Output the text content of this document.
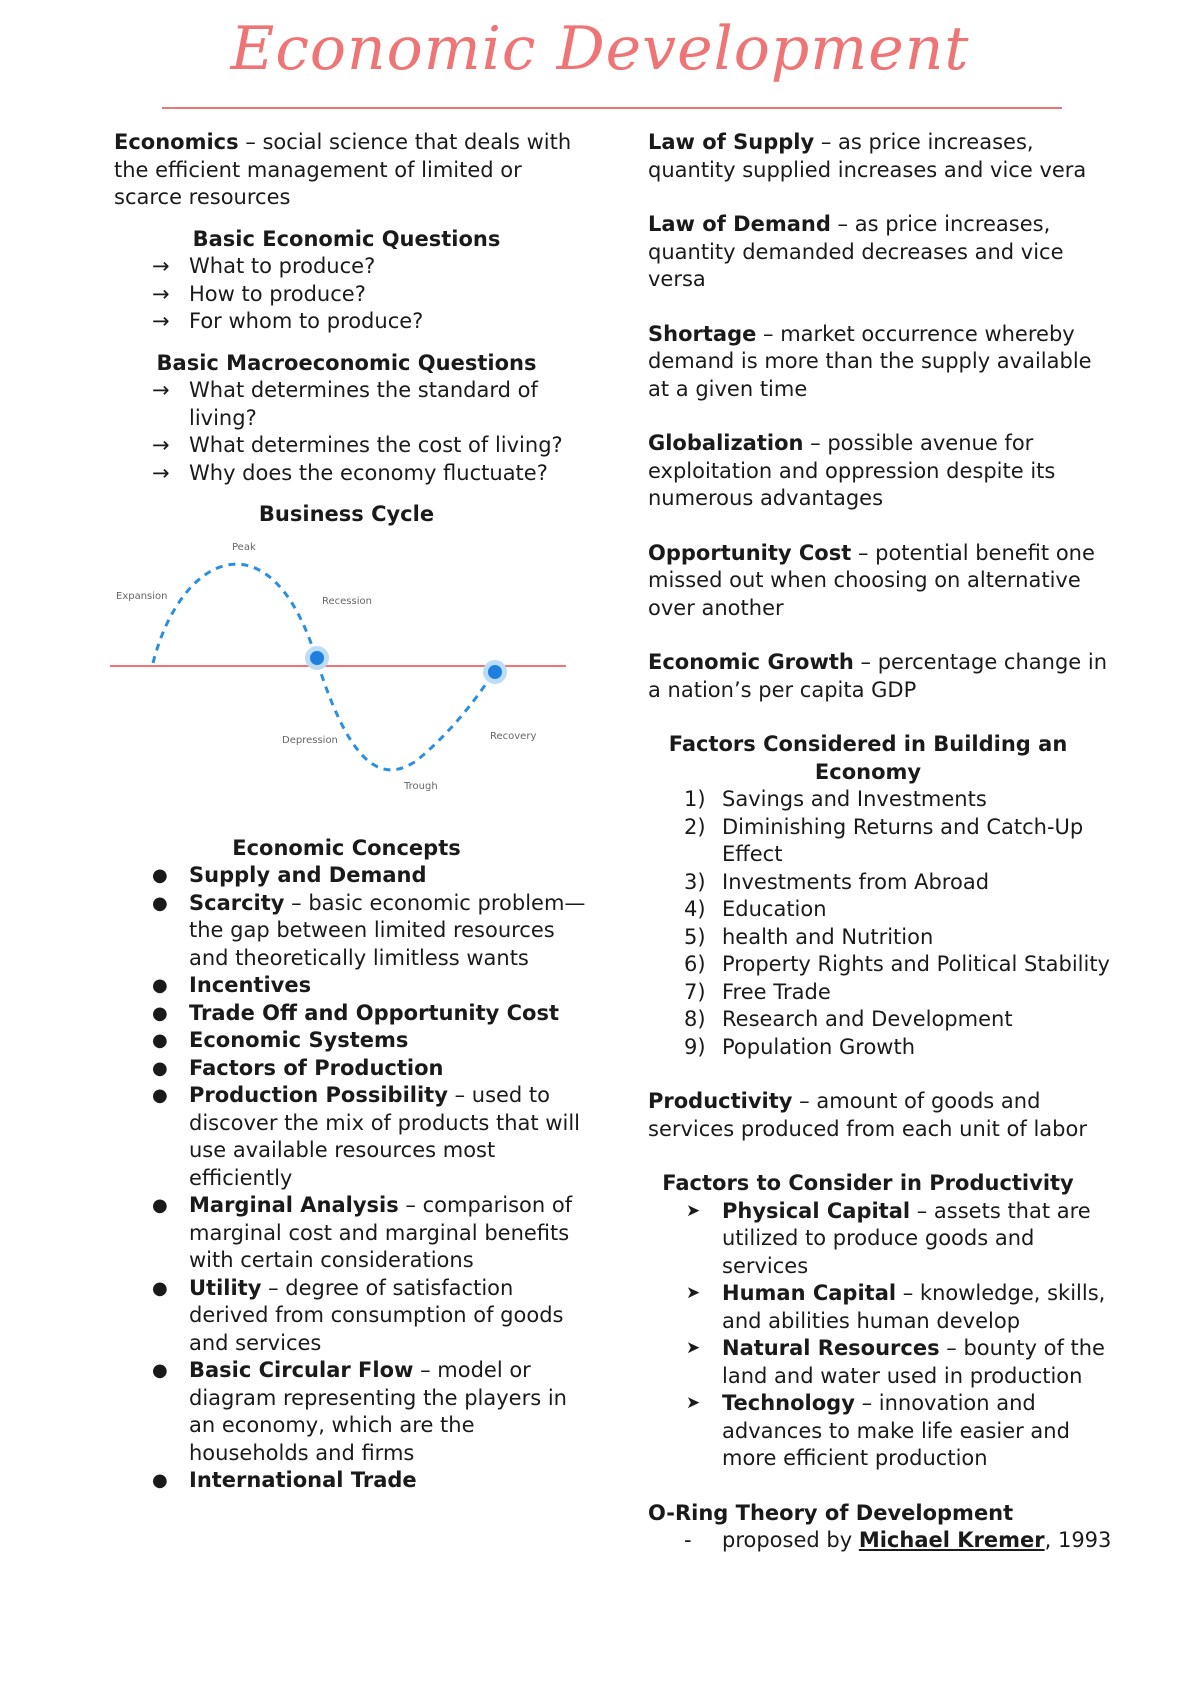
Economic Development

Economics – social science that deals with the efficient management of limited or scarce resources

Basic Economic Questions
→ What to produce?
→ How to produce?
→ For whom to produce?
Basic Macroeconomic Questions
→ What determines the standard of living?
→ What determines the cost of living?
→ Why does the economy fluctuate?
Business Cycle
Peak
Expansion	Recession
Depression	Recovery
Trough
Economic Concepts
● Supply and Demand
● Scarcity – basic economic problem—the gap between limited resources and theoretically limitless wants
● Incentives
● Trade Off and Opportunity Cost
● Economic Systems
● Factors of Production
● Production Possibility – used to discover the mix of products that will use available resources most efficiently
● Marginal Analysis – comparison of marginal cost and marginal benefits with certain considerations
● Utility – degree of satisfaction derived from consumption of goods and services
● Basic Circular Flow – model or diagram representing the players in an economy, which are the households and firms
● International Trade

Law of Supply – as price increases, quantity supplied increases and vice vera

Law of Demand – as price increases, quantity demanded decreases and vice versa

Shortage – market occurrence whereby demand is more than the supply available at a given time

Globalization – possible avenue for exploitation and oppression despite its numerous advantages

Opportunity Cost – potential benefit one missed out when choosing on alternative over another

Economic Growth – percentage change in a nation’s per capita GDP

Factors Considered in Building an Economy
1) Savings and Investments
2) Diminishing Returns and Catch-Up Effect
3) Investments from Abroad
4) Education
5) health and Nutrition
6) Property Rights and Political Stability
7) Free Trade
8) Research and Development
9) Population Growth

Productivity – amount of goods and services produced from each unit of labor

Factors to Consider in Productivity
➤ Physical Capital – assets that are utilized to produce goods and services
➤ Human Capital – knowledge, skills, and abilities human develop
➤ Natural Resources – bounty of the land and water used in production
➤ Technology – innovation and advances to make life easier and more efficient production

O-Ring Theory of Development

- proposed by Michael Kremer, 1993
